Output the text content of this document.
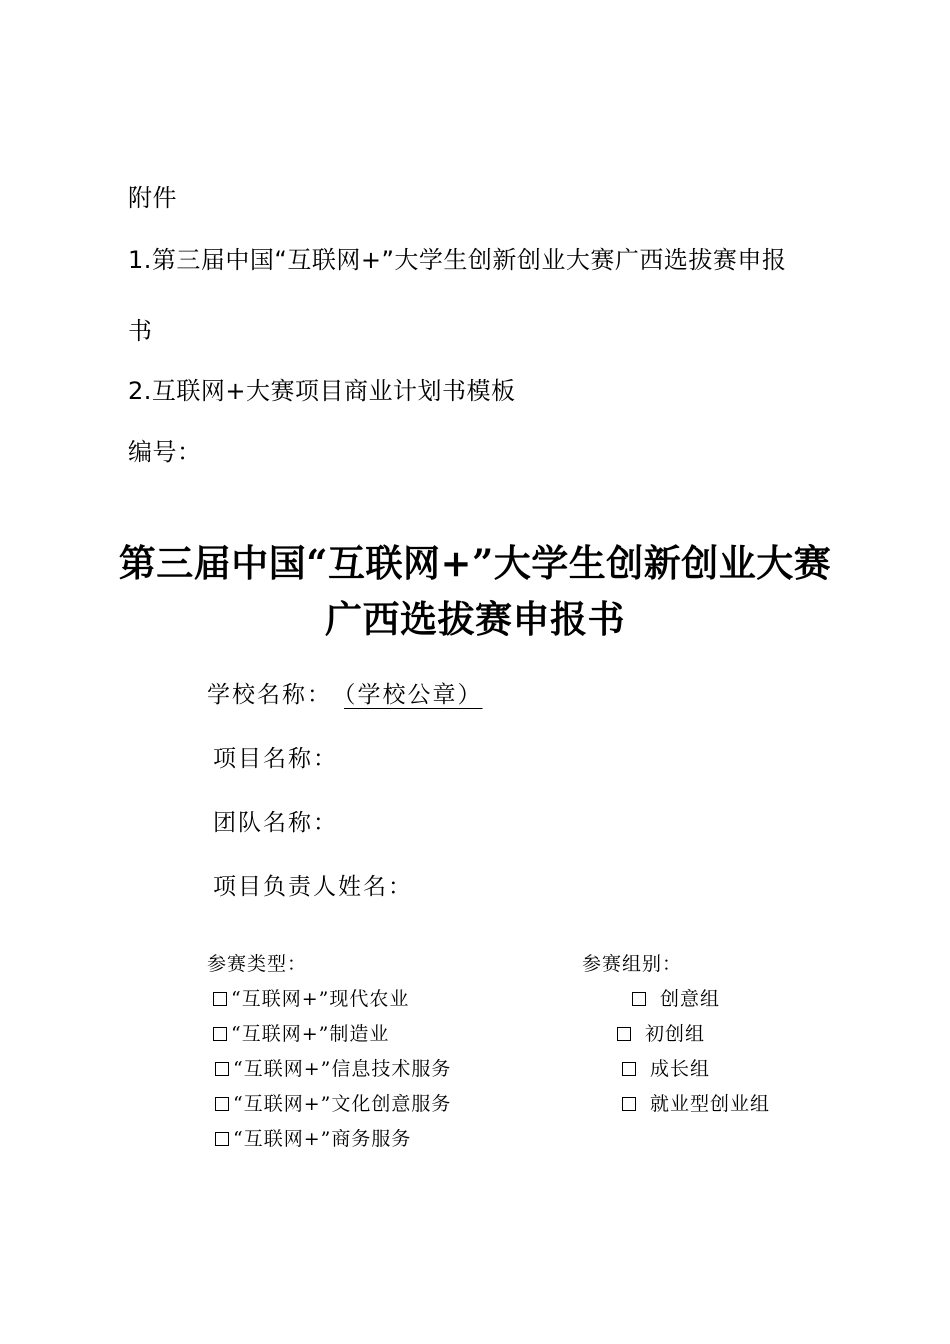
附件
1.第三届中国“互联网+”大学生创新创业大赛广西选拔赛申报
书
2.互联网+大赛项目商业计划书模板
编号：
第三届中国“互联网+”大学生创新创业大赛
广西选拔赛申报书
学校名称： （学校公章）
项目名称：
团队名称：
项目负责人姓名：
参赛类型：
“互联网+”现代农业
“互联网+”制造业
“互联网+”信息技术服务
“互联网+”文化创意服务
“互联网+”商务服务
参赛组别：
创意组
初创组
成长组
就业型创业组
